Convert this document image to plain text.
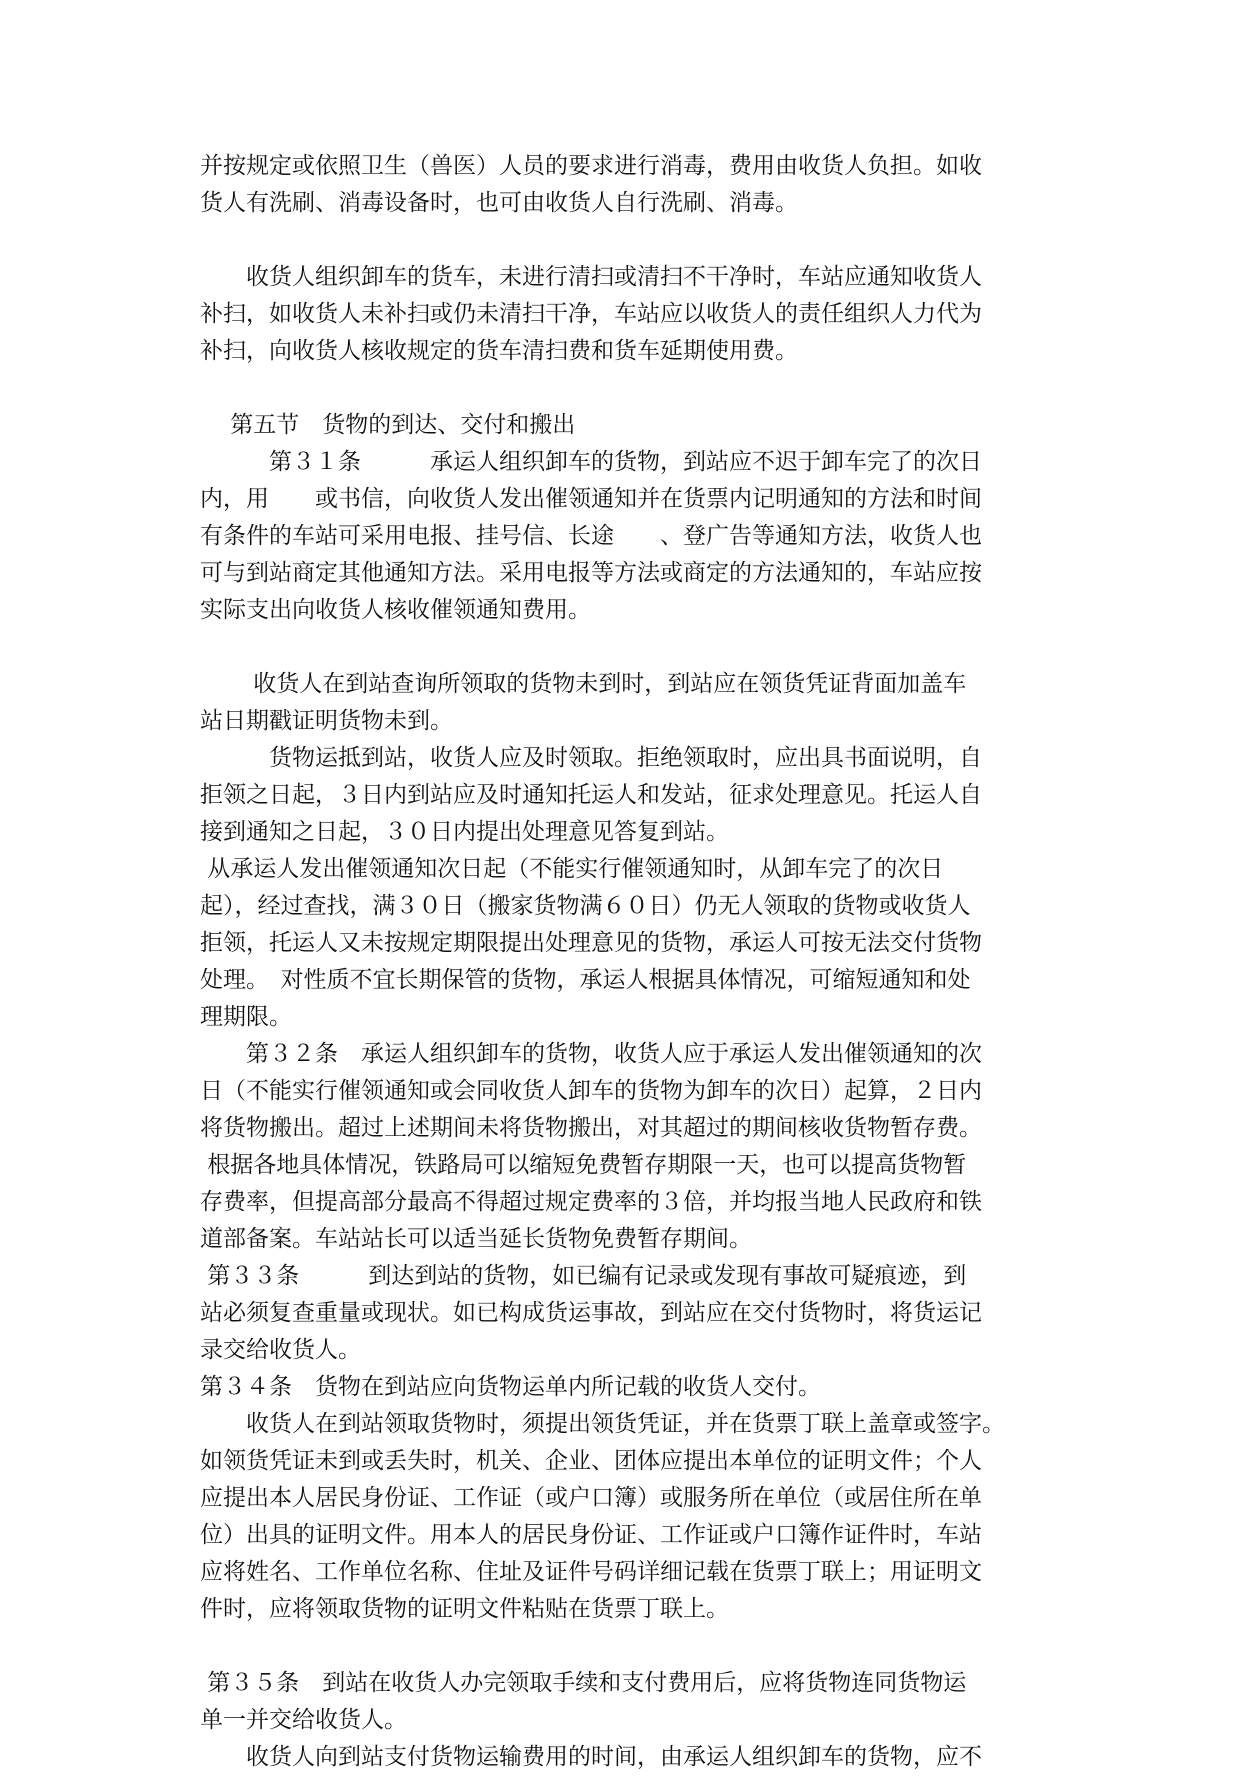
并按规定或依照卫生（兽医）人员的要求进行消毒，费用由收货人负担。如收
货人有洗刷、消毒设备时，也可由收货人自行洗刷、消毒。
　　收货人组织卸车的货车，未进行清扫或清扫不干净时，车站应通知收货人
补扫，如收货人未补扫或仍未清扫干净，车站应以收货人的责任组织人力代为
补扫，向收货人核收规定的货车清扫费和货车延期使用费。
　 第五节　货物的到达、交付和搬出
　　　第３１条　　　承运人组织卸车的货物，到站应不迟于卸车完了的次日
内，用　　或书信，向收货人发出催领通知并在货票内记明通知的方法和时间
有条件的车站可采用电报、挂号信、长途　　、登广告等通知方法，收货人也
可与到站商定其他通知方法。采用电报等方法或商定的方法通知的，车站应按
实际支出向收货人核收催领通知费用。
　　 收货人在到站查询所领取的货物未到时，到站应在领货凭证背面加盖车
站日期戳证明货物未到。
　　　货物运抵到站，收货人应及时领取。拒绝领取时，应出具书面说明，自
拒领之日起，３日内到站应及时通知托运人和发站，征求处理意见。托运人自
接到通知之日起，３０日内提出处理意见答复到站。
从承运人发出催领通知次日起（不能实行催领通知时，从卸车完了的次日
起），经过查找，满３０日（搬家货物满６０日）仍无人领取的货物或收货人
拒领，托运人又未按规定期限提出处理意见的货物，承运人可按无法交付货物
处理。　对性质不宜长期保管的货物，承运人根据具体情况，可缩短通知和处
理期限。
　　第３２条　承运人组织卸车的货物，收货人应于承运人发出催领通知的次
日（不能实行催领通知或会同收货人卸车的货物为卸车的次日）起算，２日内
将货物搬出。超过上述期间未将货物搬出，对其超过的期间核收货物暂存费。
根据各地具体情况，铁路局可以缩短免费暂存期限一天，也可以提高货物暂
存费率，但提高部分最高不得超过规定费率的３倍，并均报当地人民政府和铁
道部备案。车站站长可以适当延长货物免费暂存期间。
第３３条　　　到达到站的货物，如已编有记录或发现有事故可疑痕迹，到
站必须复查重量或现状。如已构成货运事故，到站应在交付货物时，将货运记
录交给收货人。
第３４条　货物在到站应向货物运单内所记载的收货人交付。
　　收货人在到站领取货物时，须提出领货凭证，并在货票丁联上盖章或签字。
如领货凭证未到或丢失时，机关、企业、团体应提出本单位的证明文件；个人
应提出本人居民身份证、工作证（或户口簿）或服务所在单位（或居住所在单
位）出具的证明文件。用本人的居民身份证、工作证或户口簿作证件时，车站
应将姓名、工作单位名称、住址及证件号码详细记载在货票丁联上；用证明文
件时，应将领取货物的证明文件粘贴在货票丁联上。
第３５条　到站在收货人办完领取手续和支付费用后，应将货物连同货物运
单一并交给收货人。
　　收货人向到站支付货物运输费用的时间，由承运人组织卸车的货物，应不
